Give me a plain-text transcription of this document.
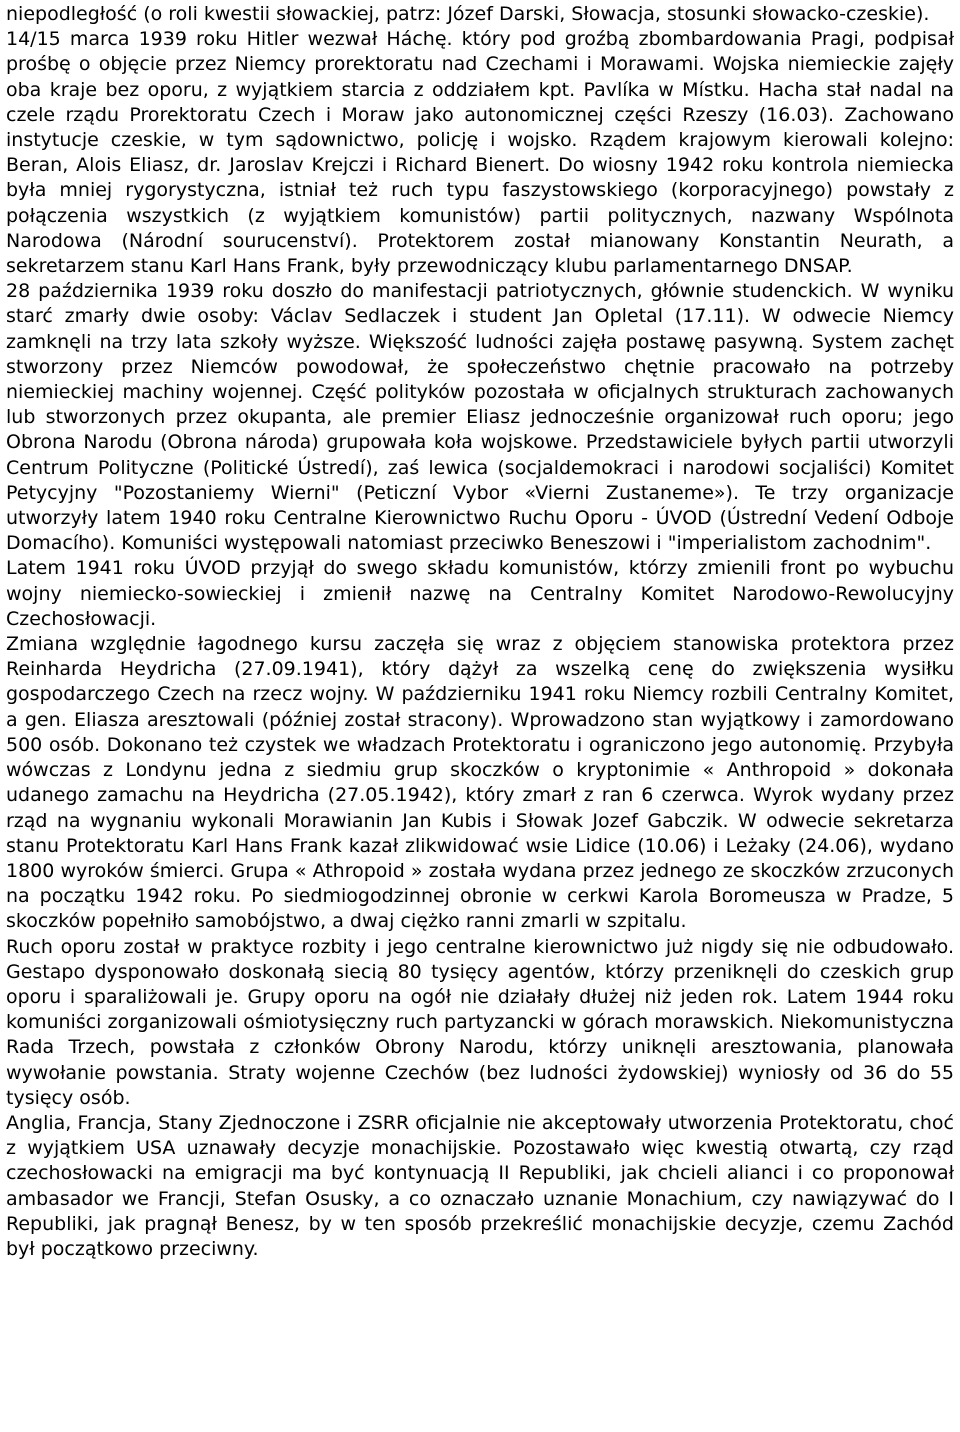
niepodległość (o roli kwestii słowackiej, patrz: Józef Darski, Słowacja, stosunki słowacko-czeskie).

14/15 marca 1939 roku Hitler wezwał Háchę. który pod groźbą zbombardowania Pragi, podpisał prośbę o objęcie przez Niemcy prorektoratu nad Czechami i Morawami. Wojska niemieckie zajęły oba kraje bez oporu, z wyjątkiem starcia z oddziałem kpt. Pavlíka w Místku. Hacha stał nadal na czele rządu Prorektoratu Czech i Moraw jako autonomicznej części Rzeszy (16.03). Zachowano instytucje czeskie, w tym sądownictwo, policję i wojsko. Rządem krajowym kierowali kolejno: Beran, Alois Eliasz, dr. Jaroslav Krejczi i Richard Bienert. Do wiosny 1942 roku kontrola niemiecka była mniej rygorystyczna, istniał też ruch typu faszystowskiego (korporacyjnego) powstały z połączenia wszystkich (z wyjątkiem komunistów) partii politycznych, nazwany Wspólnota Narodowa (Národní sourucenství). Protektorem został mianowany Konstantin Neurath, a sekretarzem stanu Karl Hans Frank, były przewodniczący klubu parlamentarnego DNSAP.

28 października 1939 roku doszło do manifestacji patriotycznych, głównie studenckich. W wyniku starć zmarły dwie osoby: Václav Sedlaczek i student Jan Opletal (17.11). W odwecie Niemcy zamknęli na trzy lata szkoły wyższe. Większość ludności zajęła postawę pasywną. System zachęt stworzony przez Niemców powodował, że społeczeństwo chętnie pracowało na potrzeby niemieckiej machiny wojennej. Część polityków pozostała w oficjalnych strukturach zachowanych lub stworzonych przez okupanta, ale premier Eliasz jednocześnie organizował ruch oporu; jego Obrona Narodu (Obrona národa) grupowała koła wojskowe. Przedstawiciele byłych partii utworzyli Centrum Polityczne (Politické Ústredí), zaś lewica (socjaldemokraci i narodowi socjaliści) Komitet Petycyjny "Pozostaniemy Wierni" (Peticzní Vybor «Vierni Zustaneme»). Te trzy organizacje utworzyły latem 1940 roku Centralne Kierownictwo Ruchu Oporu - ÚVOD (Ústrední Vedení Odboje Domacího). Komuniści występowali natomiast przeciwko Beneszowi i "imperialistom zachodnim".

Latem 1941 roku ÚVOD przyjął do swego składu komunistów, którzy zmienili front po wybuchu wojny niemiecko-sowieckiej i zmienił nazwę na Centralny Komitet Narodowo-Rewolucyjny Czechosłowacji.

Zmiana względnie łagodnego kursu zaczęła się wraz z objęciem stanowiska protektora przez Reinharda Heydricha (27.09.1941), który dążył za wszelką cenę do zwiększenia wysiłku gospodarczego Czech na rzecz wojny. W październiku 1941 roku Niemcy rozbili Centralny Komitet, a gen. Eliasza aresztowali (później został stracony). Wprowadzono stan wyjątkowy i zamordowano 500 osób. Dokonano też czystek we władzach Protektoratu i ograniczono jego autonomię. Przybyła wówczas z Londynu jedna z siedmiu grup skoczków o kryptonimie « Anthropoid » dokonała udanego zamachu na Heydricha (27.05.1942), który zmarł z ran 6 czerwca. Wyrok wydany przez rząd na wygnaniu wykonali Morawianin Jan Kubis i Słowak Jozef Gabczik. W odwecie sekretarza stanu Protektoratu Karl Hans Frank kazał zlikwidować wsie Lidice (10.06) i Leżaky (24.06), wydano 1800 wyroków śmierci. Grupa « Athropoid » została wydana przez jednego ze skoczków zrzuconych na początku 1942 roku. Po siedmiogodzinnej obronie w cerkwi Karola Boromeusza w Pradze, 5 skoczków popełniło samobójstwo, a dwaj ciężko ranni zmarli w szpitalu.

Ruch oporu został w praktyce rozbity i jego centralne kierownictwo już nigdy się nie odbudowało. Gestapo dysponowało doskonałą siecią 80 tysięcy agentów, którzy przeniknęli do czeskich grup oporu i sparaliżowali je. Grupy oporu na ogół nie działały dłużej niż jeden rok. Latem 1944 roku komuniści zorganizowali ośmiotysięczny ruch partyzancki w górach morawskich. Niekomunistyczna Rada Trzech, powstała z członków Obrony Narodu, którzy uniknęli aresztowania, planowała wywołanie powstania. Straty wojenne Czechów (bez ludności żydowskiej) wyniosły od 36 do 55 tysięcy osób.

Anglia, Francja, Stany Zjednoczone i ZSRR oficjalnie nie akceptowały utworzenia Protektoratu, choć z wyjątkiem USA uznawały decyzje monachijskie. Pozostawało więc kwestią otwartą, czy rząd czechosłowacki na emigracji ma być kontynuacją II Republiki, jak chcieli alianci i co proponował ambasador we Francji, Stefan Osusky, a co oznaczało uznanie Monachium, czy nawiązywać do I Republiki, jak pragnął Benesz, by w ten sposób przekreślić monachijskie decyzje, czemu Zachód był początkowo przeciwny.
